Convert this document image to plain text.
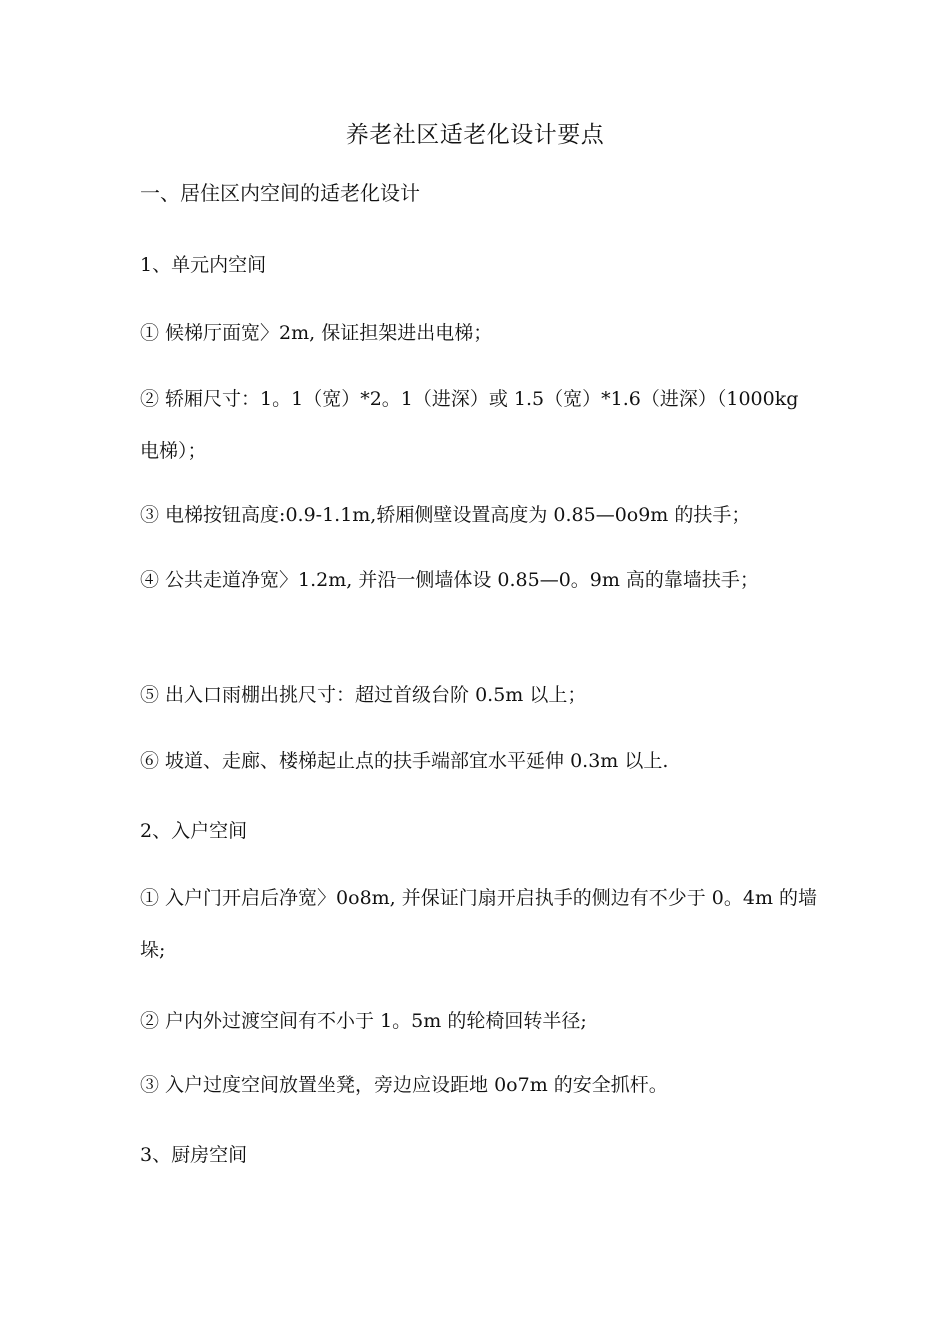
养老社区适老化设计要点
一、居住区内空间的适老化设计
1、单元内空间
① 候梯厅面宽〉2m, 保证担架进出电梯；
② 轿厢尺寸：1。1（宽）*2。1（进深）或 1.5（宽）*1.6（进深）（1000kg 电梯）；
③ 电梯按钮高度:0.9-1.1m,轿厢侧壁设置高度为 0.85—0o9m 的扶手；
④ 公共走道净宽〉1.2m, 并沿一侧墙体设 0.85—0。9m 高的靠墙扶手；
⑤ 出入口雨棚出挑尺寸：超过首级台阶 0.5m 以上；
⑥ 坡道、走廊、楼梯起止点的扶手端部宜水平延伸 0.3m 以上.
2、入户空间
① 入户门开启后净宽〉0o8m, 并保证门扇开启执手的侧边有不少于 0。4m 的墙垛;
② 户内外过渡空间有不小于 1。5m 的轮椅回转半径;
③ 入户过度空间放置坐凳，旁边应设距地 0o7m 的安全抓杆。
3、厨房空间
